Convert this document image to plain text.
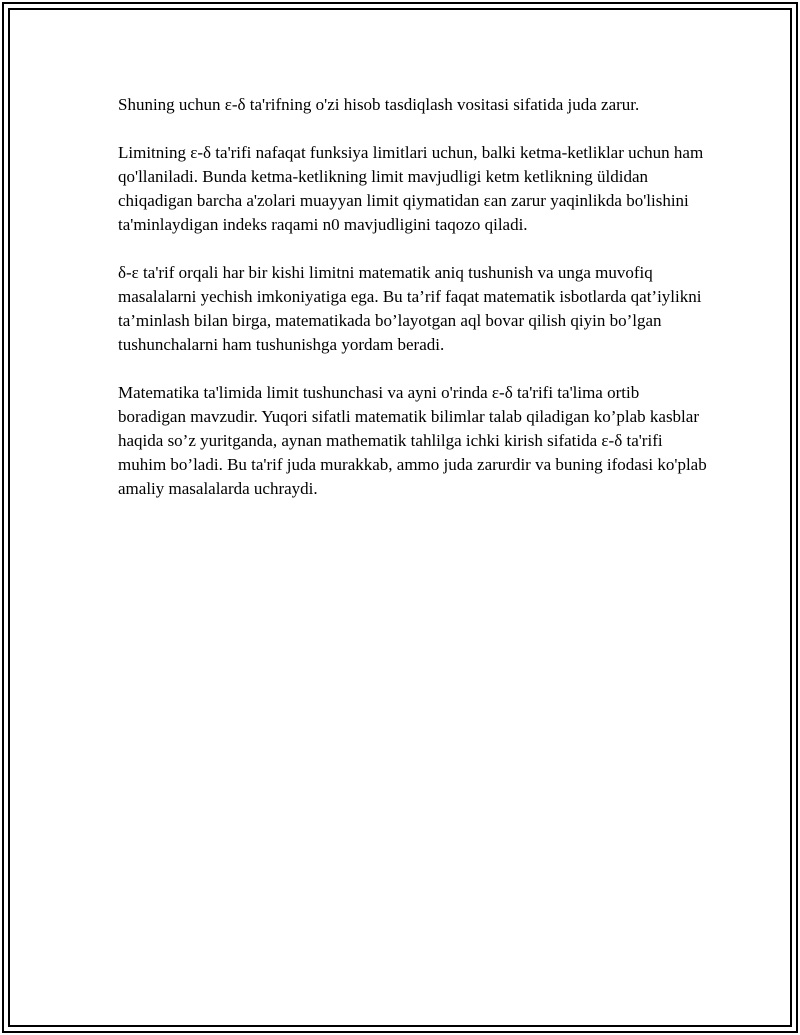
Shuning uchun ε-δ ta'rifning o'zi hisob tasdiqlash vositasi sifatida juda zarur.

Limitning ε-δ ta'rifi nafaqat funksiya limitlari uchun, balki ketma-ketliklar uchun ham qo'llaniladi. Bunda ketma-ketlikning limit mavjudligi ketm ketlikning üldidan chiqadigan barcha a'zolari muayyan limit qiymatidan εan zarur yaqinlikda bo'lishini ta'minlaydigan indeks raqami n0 mavjudligini taqozo qiladi.

δ-ε ta'rif orqali har bir kishi limitni matematik aniq tushunish va unga muvofiq masalalarni yechish imkoniyatiga ega. Bu ta’rif faqat matematik isbotlarda qat’iylikni ta’minlash bilan birga, matematikada bo’layotgan aql bovar qilish qiyin bo’lgan tushunchalarni ham tushunishga yordam beradi.

Matematika ta'limida limit tushunchasi va ayni o'rinda ε-δ ta'rifi ta'lima ortib boradigan mavzudir. Yuqori sifatli matematik bilimlar talab qiladigan ko’plab kasblar haqida so’z yuritganda, aynan mathematik tahlilga ichki kirish sifatida ε-δ ta'rifi muhim bo’ladi. Bu ta'rif juda murakkab, ammo juda zarurdir va buning ifodasi ko'plab amaliy masalalarda uchraydi.
